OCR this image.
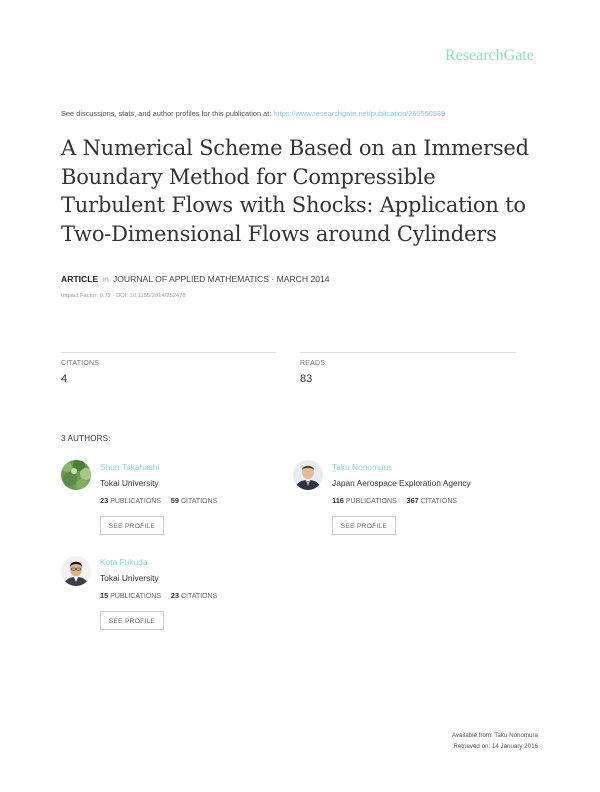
ResearchGate
See discussions, stats, and author profiles for this publication at: https://www.researchgate.net/publication/260550589
A Numerical Scheme Based on an Immersed Boundary Method for Compressible Turbulent Flows with Shocks: Application to Two-Dimensional Flows around Cylinders
ARTICLE in JOURNAL OF APPLIED MATHEMATICS · MARCH 2014
Impact Factor: 0.72 · DOI: 10.1155/2014/252478
CITATIONS
4
READS
83
3 AUTHORS:
Shun Takahashi
Tokai University
23 PUBLICATIONS 59 CITATIONS
SEE PROFILE
Taku Nonomura
Japan Aerospace Exploration Agency
116 PUBLICATIONS 367 CITATIONS
SEE PROFILE
Kota Fukuda
Tokai University
15 PUBLICATIONS 23 CITATIONS
SEE PROFILE
Available from: Taku Nonomura
Retrieved on: 14 January 2016
